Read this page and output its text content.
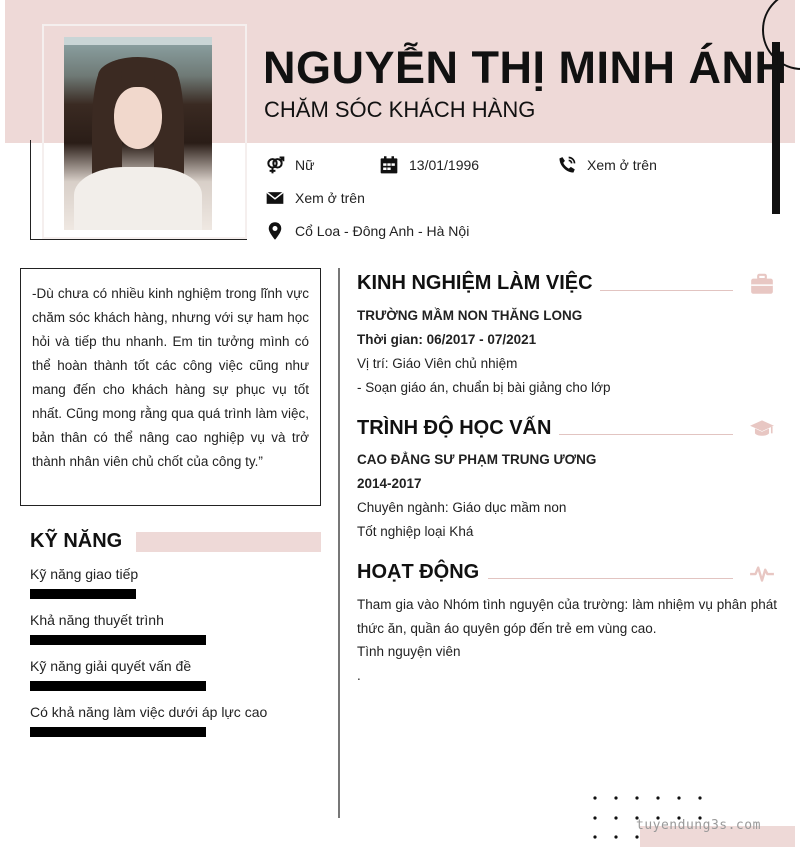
NGUYỄN THỊ MINH ÁNH
CHĂM SÓC KHÁCH HÀNG
Nữ	13/01/1996	Xem ở trên
Xem ở trên
Cổ Loa - Đông Anh - Hà Nội

-Dù chưa có nhiều kinh nghiệm trong lĩnh vực chăm sóc khách hàng, nhưng với sự ham học hỏi và tiếp thu nhanh. Em tin tưởng mình có thể hoàn thành tốt các công việc cũng như mang đến cho khách hàng sự phục vụ tốt nhất. Cũng mong rằng qua quá trình làm việc, bản thân có thể nâng cao nghiệp vụ và trở thành nhân viên chủ chốt của công ty.”

KỸ NĂNG
Kỹ năng giao tiếp
Khả năng thuyết trình
Kỹ năng giải quyết vấn đề
Có khả năng làm việc dưới áp lực cao
KINH NGHIỆM LÀM VIỆC
TRƯỜNG MẦM NON THĂNG LONG
Thời gian: 06/2017 - 07/2021
Vị trí: Giáo Viên chủ nhiệm
- Soạn giáo án, chuẩn bị bài giảng cho lớp
TRÌNH ĐỘ HỌC VẤN
CAO ĐẲNG SƯ PHẠM TRUNG ƯƠNG
2014-2017
Chuyên ngành: Giáo dục mầm non
Tốt nghiệp loại Khá
HOẠT ĐỘNG

Tham gia vào Nhóm tình nguyện của trường: làm nhiệm vụ phân phát thức ăn, quần áo quyên góp đến trẻ em vùng cao.

Tình nguyện viên
.
tuyendung3s.com
